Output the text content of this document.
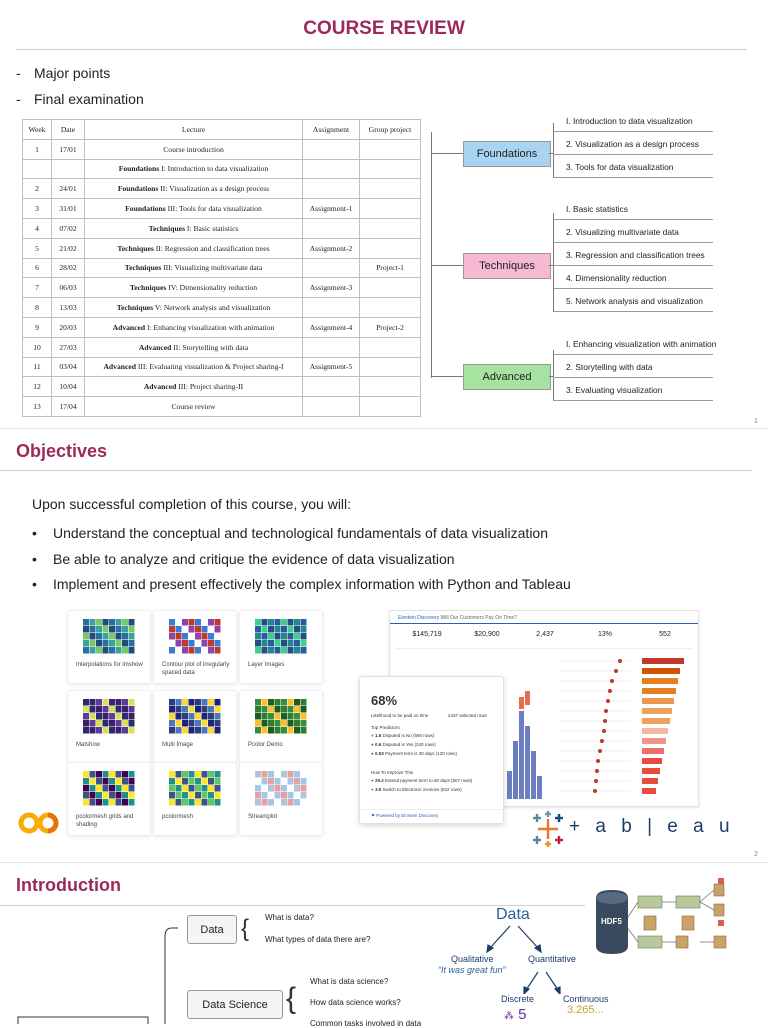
COURSE REVIEW
- Major points
- Final examination
Week	Date	Lecture	Assignment	Group project
1	17/01	Course introduction		
		Foundations I: Introduction to data visualization		
2	24/01	Foundations II: Visualization as a design process		
3	31/01	Foundations III: Tools for data visualization	Assignment-1	
4	07/02	Techniques I: Basic statistics		
5	21/02	Techniques II: Regression and classification trees	Assignment-2	
6	28/02	Techniques III: Visualizing multivariate data		Project-1
7	06/03	Techniques IV: Dimensionality reduction	Assignment-3	
8	13/03	Techniques V: Network analysis and visualization		
9	20/03	Advanced I: Enhancing visualization with animation	Assignment-4	Project-2
10	27/03	Advanced II: Storytelling with data		
11	03/04	Advanced III: Evaluating visualization & Project sharing-I	Assignment-5	
12	10/04	Advanced III: Project sharing-II		
13	17/04	Course review		
Foundations
I. Introduction to data visualization
2. Visualization as a design process
3. Tools for data visualization
Techniques
I. Basic statistics
2. Visualizing multivariate data
3. Regression and classification trees
4. Dimensionality reduction
5. Network analysis and visualization
Advanced
I. Enhancing visualization with animation
2. Storytelling with data
3. Evaluating visualization
1
Objectives
Upon successful completion of this course, you will:
• Understand the conceptual and technological fundamentals of data visualization
• Be able to analyze and critique the evidence of data visualization
• Implement and present effectively the complex information with Python and Tableau
Interpolations for imshow	Contour plot of irregularly spaced data
Layer Images
Matshow	Multi Image	Pcolor Demo
pcolormesh grids and shading
pcolormesh	Streamplot
Einstein Discovery Will Our Customers Pay On Time?
$145,719	$20,900	2,437	13%	552
68%
Likelihood to be paid on time	2437 selected rows
Top Predictors
● 1.6 Disputed is No (580 rows)
● 0.6 Disputed is Yes (240 rows)
● 0.53 Payment term is 30 days (120 rows)
How To Improve This
● 29.2 Extend payment term to 60 days (507 rows)
● 3.5 Switch to Electronic invoices (822 rows)
⚑ Powered by Einstein Discovery
+ a b | e a u
2
Introduction
Data { What is data?
What types of data there are?
Data Science {
What is data science?
How data science works?
Common tasks involved in data
Data
Qualitative
“It was great fun”
Quantitative
Discrete	Continuous
⁂ 5	3.265...
HDF5
